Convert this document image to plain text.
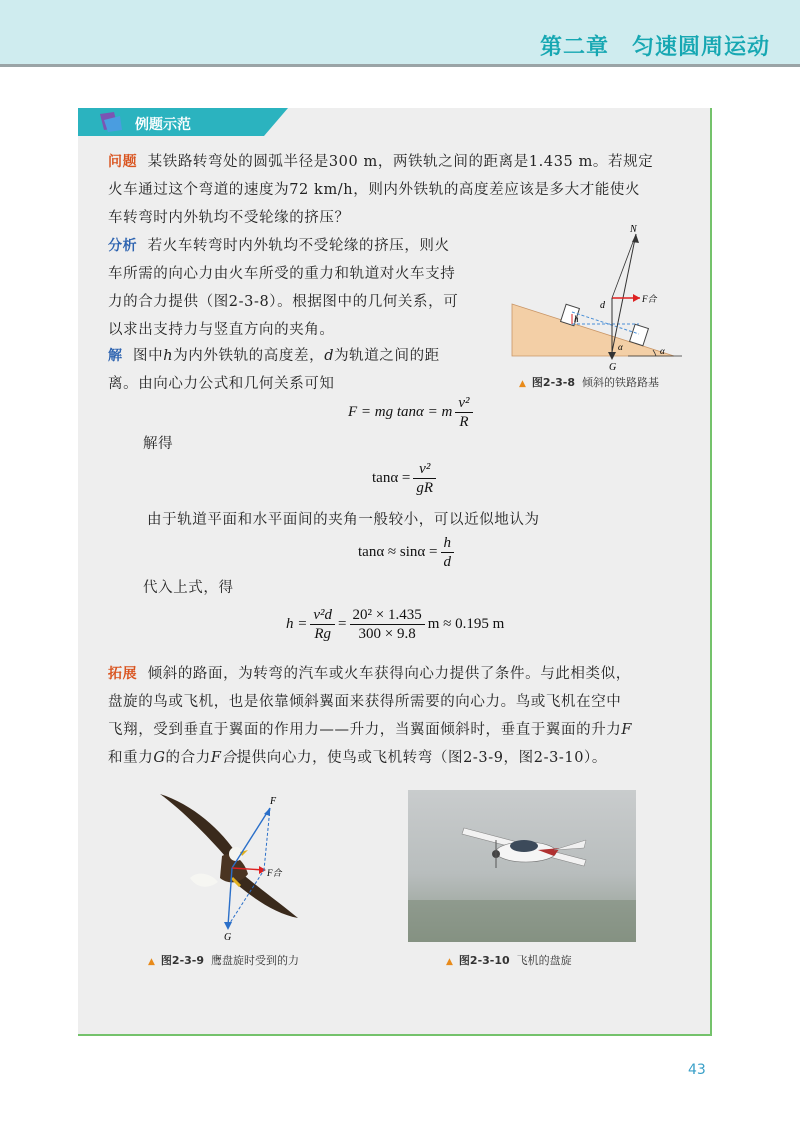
第二章　匀速圆周运动
例题示范
问题 某铁路转弯处的圆弧半径是300 m，两铁轨之间的距离是1.435 m。若规定
火车通过这个弯道的速度为72 km/h，则内外铁轨的高度差应该是多大才能使火
车转弯时内外轨均不受轮缘的挤压？
分析 若火车转弯时内外轨均不受轮缘的挤压，则火
车所需的向心力由火车所受的重力和轨道对火车支持
力的合力提供（图2-3-8）。根据图中的几何关系，可
以求出支持力与竖直方向的夹角。
解 图中h为内外铁轨的高度差，d为轨道之间的距
离。由向心力公式和几何关系可知
N
F合
d
h
G
α	α
▲ 图2-3-8 倾斜的铁路路基
F = mg tanα = m $\frac{\text{v²}}{R}$
解得
$\tan\alpha = \frac{\text{v²}}{gR}$
由于轨道平面和水平面间的夹角一般较小，可以近似地认为
$\tan\alpha \approx \sin\alpha = \frac{h}{d}$
代入上式，得
$h = \frac{\text{v²d}}{Rg} = \frac{\text{20² × 1.435}}{300 \times 9.8}$ m ≈ 0.195 m
拓展 倾斜的路面，为转弯的汽车或火车获得向心力提供了条件。与此相类似，
盘旋的鸟或飞机，也是依靠倾斜翼面来获得所需要的向心力。鸟或飞机在空中
飞翔，受到垂直于翼面的作用力——升力，当翼面倾斜时，垂直于翼面的升力F
和重力G的合力F合提供向心力，使鸟或飞机转弯（图2-3-9，图2-3-10）。
F
F合
G
▲ 图2-3-9 鹰盘旋时受到的力	▲ 图2-3-10 飞机的盘旋
43
